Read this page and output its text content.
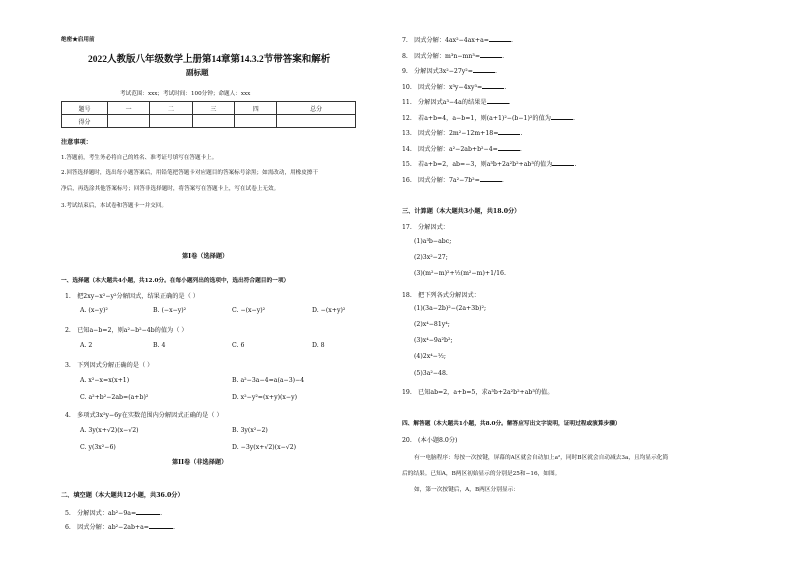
绝密★启用前
2022人教版八年级数学上册第14章第14.3.2节带答案和解析
副标题
考试范围：xxx；考试时间：100分钟；命题人：xxx
题号	一	二	三	四	总分
得分					
注意事项：
1.答题前，考生务必将自己的姓名、准考证号填写在答题卡上。
2.回答选择题时，选出每小题答案后，用铅笔把答题卡对应题目的答案标号涂黑；如需改动，用橡皮擦干
净后，再选涂其他答案标号；回答非选择题时，将答案写在答题卡上，写在试卷上无效。
3.考试结束后，本试卷和答题卡一并交回。
第I卷（选择题）
一、选择题（本大题共4小题，共12.0分。在每小题列出的选项中，选出符合题目的一项）
1.　把2xy−x²−y²分解因式，结果正确的是（ ）
A. (x−y)²	B. (−x−y)²	C. −(x−y)²	D. −(x+y)²
2.　已知a−b=2，则a²−b²−4b的值为（ ）
A. 2	B. 4	C. 6	D. 8
3.　下列因式分解正确的是（ ）
A. x²−x=x(x+1)	B. a²−3a−4=a(a−3)−4
C. a²+b²−2ab=(a+b)²	D. x²−y²=(x+y)(x−y)
4.　多项式3x²y−6y在实数范围内分解因式正确的是（ ）
A. 3y(x+√2)(x−√2)	B. 3y(x²−2)
C. y(3x²−6)	D. −3y(x+√2)(x−√2)
第II卷（非选择题）
二、填空题（本大题共12小题，共36.0分）
5.　分解因式：ab²−9a=	.
6.　因式分解：ab²−2ab+a=	.
7.　因式分解：4ax²−4ax+a=	.
8.　因式分解：m³n−mn³=	.
9.　分解因式3x²−27y²=	.
10.　因式分解：x³y−4xy³=	.
11.　分解因式a³−4a的结果是	.
12.　若a+b=4，a−b=1，则(a+1)²−(b−1)²的值为	.
13.　因式分解：2m²−12m+18=	.
14.　因式分解：a²−2ab+b²−4=	.
15.　若a+b=2，ab=−3，则a³b+2a²b²+ab³的值为	.
16.　因式分解：7a²−7b²=	.
三、计算题（本大题共3小题，共18.0分）
17.　分解因式：
(1)a³b−abc;
(2)3x²−27;
(3)(m²−m)²+½(m²−m)+1/16.
18.　把下列各式分解因式：
(1)(3a−2b)²−(2a+3b)²;
(2)x⁴−81y⁴;
(3)x⁴−9a²b²;
(4)2x⁴−½;
(5)3a²−48.
19.　已知ab=2，a+b=5，求a³b+2a²b²+ab³的值。
四、解答题（本大题共1小题，共8.0分。解答应写出文字说明，证明过程或演算步骤）
20.　(本小题8.0分)
有一电脑程序：每按一次按键，屏幕的A区就会自动加上a²，同时B区就会自动减去3a，且均显示化简
后的结果。已知A，B两区初始显示的分别是25和−16，如图。
如，第一次按键后，A，B两区分别显示：
